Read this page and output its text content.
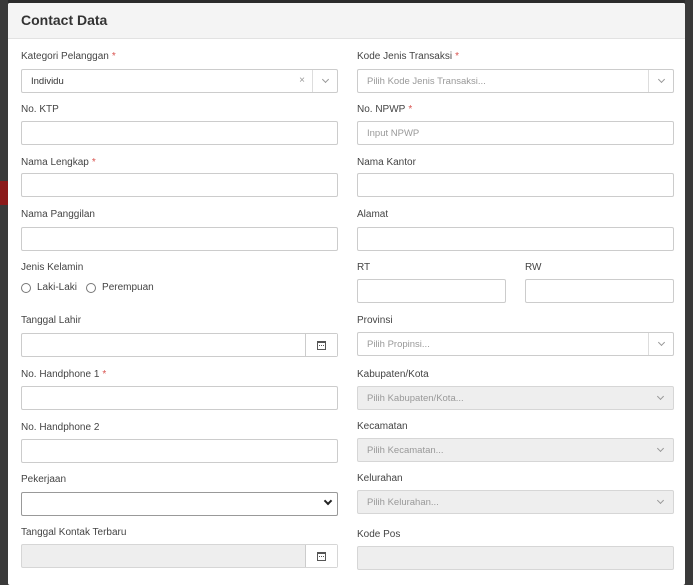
Contact Data
Kategori Pelanggan *
Individu	×
No. KTP
Nama Lengkap *
Nama Panggilan
Jenis Kelamin
Laki-Laki	Perempuan
Tanggal Lahir
No. Handphone 1 *
No. Handphone 2
Pekerjaan
Tanggal Kontak Terbaru
Kode Jenis Transaksi *
Pilih Kode Jenis Transaksi...
No. NPWP *
Input NPWP
Nama Kantor
Alamat
RT	RW
Provinsi
Pilih Propinsi...
Kabupaten/Kota
Pilih Kabupaten/Kota...
Kecamatan
Pilih Kecamatan...
Kelurahan
Pilih Kelurahan...
Kode Pos
